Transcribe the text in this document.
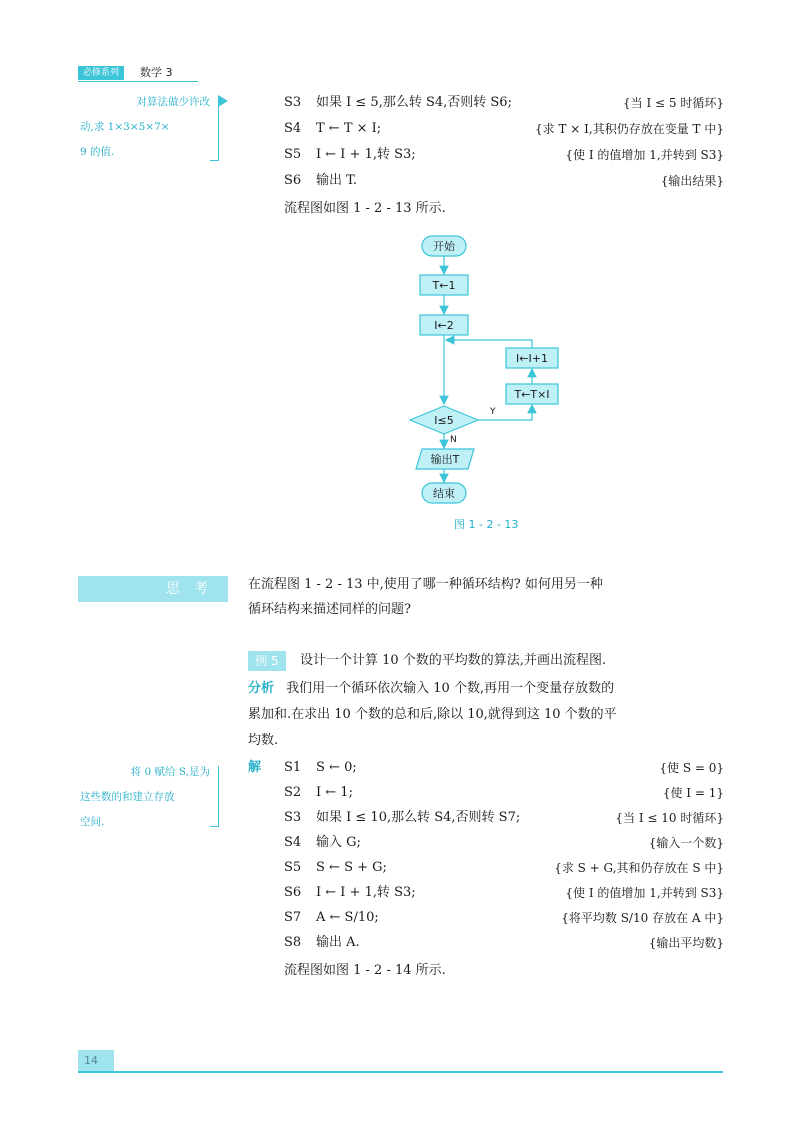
必修系列	数学 3
对算法做少许改
动,求 1×3×5×7×
9 的值.
S3 如果 I ≤ 5,那么转 S4,否则转 S6;	{当 I ≤ 5 时循环}
S4 T ← T × I;	{求 T × I,其积仍存放在变量 T 中}
S5 I ← I + 1,转 S3;	{使 I 的值增加 1,并转到 S3}
S6 输出 T.	{输出结果}
流程图如图 1 - 2 - 13 所示.
开始
T←1
I←2
I←I+1
T←T×I
I≤5
Y
N
输出T
结束
图 1 - 2 - 13
思考	在流程图 1 - 2 - 13 中,使用了哪一种循环结构? 如何用另一种
循环结构来描述同样的问题?
例 5	设计一个计算 10 个数的平均数的算法,并画出流程图.
分析 我们用一个循环依次输入 10 个数,再用一个变量存放数的
累加和.在求出 10 个数的总和后,除以 10,就得到这 10 个数的平
均数.
将 0 赋给 S,是为
这些数的和建立存放
空间.
解 S1 S ← 0;	{使 S = 0}
S2 I ← 1;	{使 I = 1}
S3 如果 I ≤ 10,那么转 S4,否则转 S7;	{当 I ≤ 10 时循环}
S4 输入 G;	{输入一个数}
S5 S ← S + G;	{求 S + G,其和仍存放在 S 中}
S6 I ← I + 1,转 S3;	{使 I 的值增加 1,并转到 S3}
S7 A ← S/10;	{将平均数 S/10 存放在 A 中}
S8 输出 A.	{输出平均数}
流程图如图 1 - 2 - 14 所示.
14
